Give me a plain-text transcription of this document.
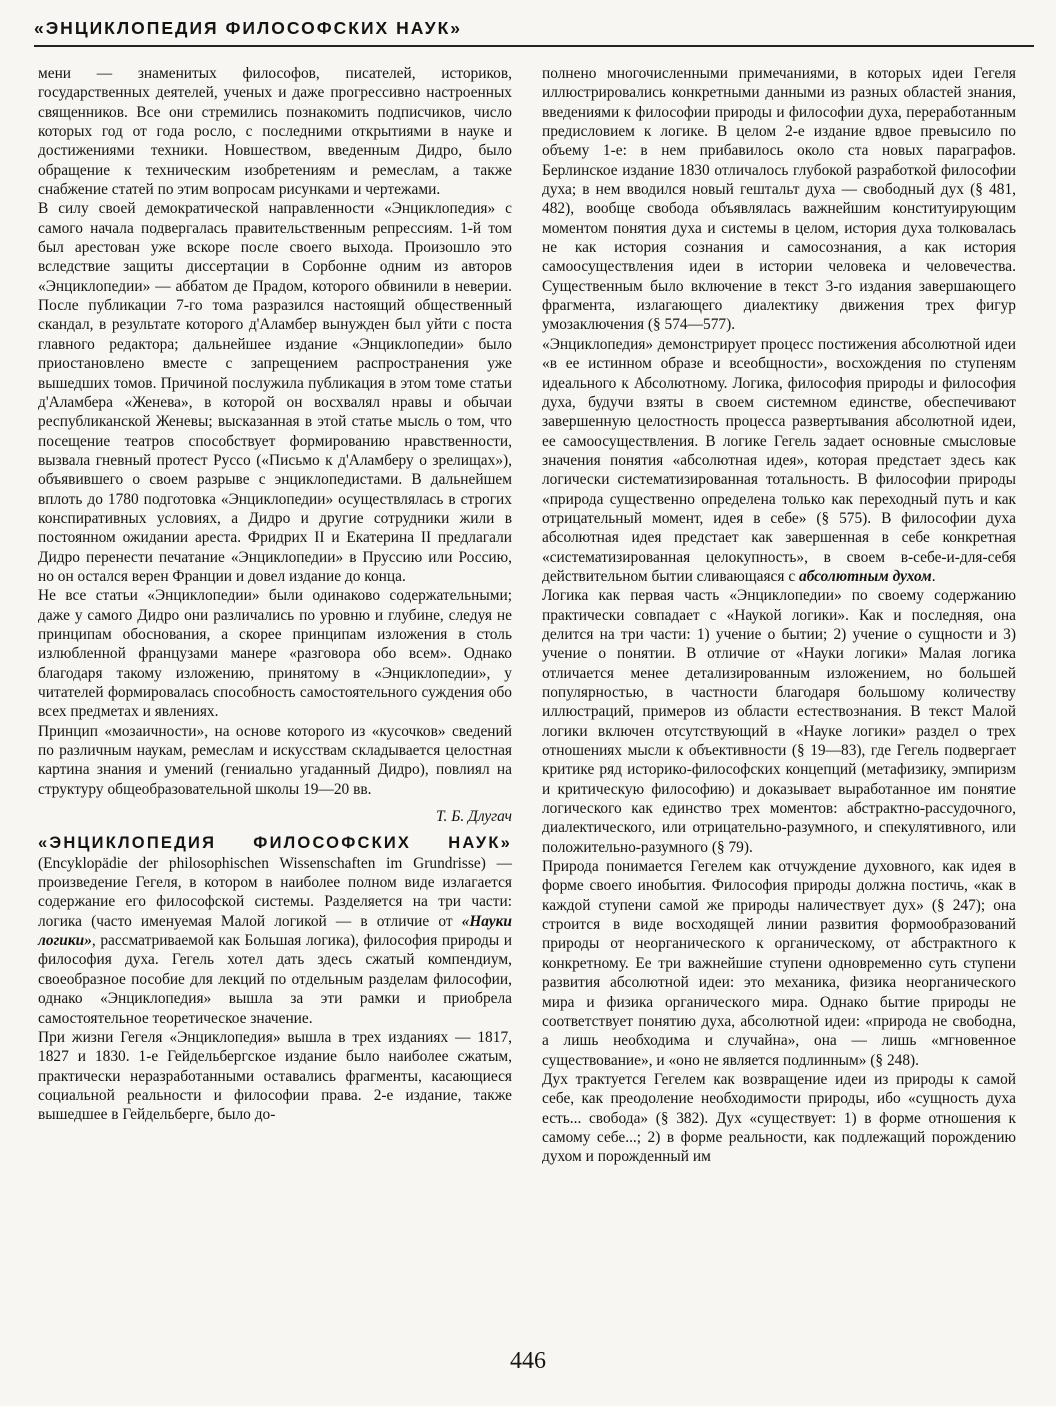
«ЭНЦИКЛОПЕДИЯ ФИЛОСОФСКИХ НАУК»

мени — знаменитых философов, писателей, историков, государственных деятелей, ученых и даже прогрессивно настроенных священников. Все они стремились познакомить подписчиков, число которых год от года росло, с последними открытиями в науке и достижениями техники. Новшеством, введенным Дидро, было обращение к техническим изобретениям и ремеслам, а также снабжение статей по этим вопросам рисунками и чертежами.

В силу своей демократической направленности «Энциклопедия» с самого начала подвергалась правительственным репрессиям. 1-й том был арестован уже вскоре после своего выхода. Произошло это вследствие защиты диссертации в Сорбонне одним из авторов «Энциклопедии» — аббатом де Прадом, которого обвинили в неверии. После публикации 7-го тома разразился настоящий общественный скандал, в результате которого д'Аламбер вынужден был уйти с поста главного редактора; дальнейшее издание «Энциклопедии» было приостановлено вместе с запрещением распространения уже вышедших томов. Причиной послужила публикация в этом томе статьи д'Аламбера «Женева», в которой он восхвалял нравы и обычаи республиканской Женевы; высказанная в этой статье мысль о том, что посещение театров способствует формированию нравственности, вызвала гневный протест Руссо («Письмо к д'Аламберу о зрелищах»), объявившего о своем разрыве с энциклопедистами. В дальнейшем вплоть до 1780 подготовка «Энциклопедии» осуществлялась в строгих конспиративных условиях, а Дидро и другие сотрудники жили в постоянном ожидании ареста. Фридрих II и Екатерина II предлагали Дидро перенести печатание «Энциклопедии» в Пруссию или Россию, но он остался верен Франции и довел издание до конца.

Не все статьи «Энциклопедии» были одинаково содержательными; даже у самого Дидро они различались по уровню и глубине, следуя не принципам обоснования, а скорее принципам изложения в столь излюбленной французами манере «разговора обо всем». Однако благодаря такому изложению, принятому в «Энциклопедии», у читателей формировалась способность самостоятельного суждения обо всех предметах и явлениях.

Принцип «мозаичности», на основе которого из «кусочков» сведений по различным наукам, ремеслам и искусствам складывается целостная картина знания и умений (гениально угаданный Дидро), повлиял на структуру общеобразовательной школы 19—20 вв.

Т. Б. Длугач

«ЭНЦИКЛОПЕДИЯ ФИЛОСОФСКИХ НАУК»

(Encyklopädie der philosophischen Wissenschaften im Grundrisse) — произведение Гегеля, в котором в наиболее полном виде излагается содержание его философской системы. Разделяется на три части: логика (часто именуемая Малой логикой — в отличие от «Науки логики», рассматриваемой как Большая логика), философия природы и философия духа. Гегель хотел дать здесь сжатый компендиум, своеобразное пособие для лекций по отдельным разделам философии, однако «Энциклопедия» вышла за эти рамки и приобрела самостоятельное теоретическое значение.

При жизни Гегеля «Энциклопедия» вышла в трех изданиях — 1817, 1827 и 1830. 1-е Гейдельбергское издание было наиболее сжатым, практически неразработанными оставались фрагменты, касающиеся социальной реальности и философии права. 2-е издание, также вышедшее в Гейдельберге, было до-

полнено многочисленными примечаниями, в которых идеи Гегеля иллюстрировались конкретными данными из разных областей знания, введениями к философии природы и философии духа, переработанным предисловием к логике. В целом 2-е издание вдвое превысило по объему 1-е: в нем прибавилось около ста новых параграфов. Берлинское издание 1830 отличалось глубокой разработкой философии духа; в нем вводился новый гештальт духа — свободный дух (§ 481, 482), вообще свобода объявлялась важнейшим конституирующим моментом понятия духа и системы в целом, история духа толковалась не как история сознания и самосознания, а как история самоосуществления идеи в истории человека и человечества. Существенным было включение в текст 3-го издания завершающего фрагмента, излагающего диалектику движения трех фигур умозаключения (§ 574—577).

«Энциклопедия» демонстрирует процесс постижения абсолютной идеи «в ее истинном образе и всеобщности», восхождения по ступеням идеального к Абсолютному. Логика, философия природы и философия духа, будучи взяты в своем системном единстве, обеспечивают завершенную целостность процесса развертывания абсолютной идеи, ее самоосуществления. В логике Гегель задает основные смысловые значения понятия «абсолютная идея», которая предстает здесь как логически систематизированная тотальность. В философии природы «природа существенно определена только как переходный путь и как отрицательный момент, идея в себе» (§ 575). В философии духа абсолютная идея предстает как завершенная в себе конкретная «систематизированная целокупность», в своем в-себе-и-для-себя действительном бытии сливающаяся с абсолютным духом.

Логика как первая часть «Энциклопедии» по своему содержанию практически совпадает с «Наукой логики». Как и последняя, она делится на три части: 1) учение о бытии; 2) учение о сущности и 3) учение о понятии. В отличие от «Науки логики» Малая логика отличается менее детализированным изложением, но большей популярностью, в частности благодаря большому количеству иллюстраций, примеров из области естествознания. В текст Малой логики включен отсутствующий в «Науке логики» раздел о трех отношениях мысли к объективности (§ 19—83), где Гегель подвергает критике ряд историко-философских концепций (метафизику, эмпиризм и критическую философию) и доказывает выработанное им понятие логического как единство трех моментов: абстрактно-рассудочного, диалектического, или отрицательно-разумного, и спекулятивного, или положительно-разумного (§ 79).

Природа понимается Гегелем как отчуждение духовного, как идея в форме своего инобытия. Философия природы должна постичь, «как в каждой ступени самой же природы наличествует дух» (§ 247); она строится в виде восходящей линии развития формообразований природы от неорганического к органическому, от абстрактного к конкретному. Ее три важнейшие ступени одновременно суть ступени развития абсолютной идеи: это механика, физика неорганического мира и физика органического мира. Однако бытие природы не соответствует понятию духа, абсолютной идеи: «природа не свободна, а лишь необходима и случайна», она — лишь «мгновенное существование», и «оно не является подлинным» (§ 248).

Дух трактуется Гегелем как возвращение идеи из природы к самой себе, как преодоление необходимости природы, ибо «сущность духа есть... свобода» (§ 382). Дух «существует: 1) в форме отношения к самому себе...; 2) в форме реальности, как подлежащий порождению духом и порожденный им

446
